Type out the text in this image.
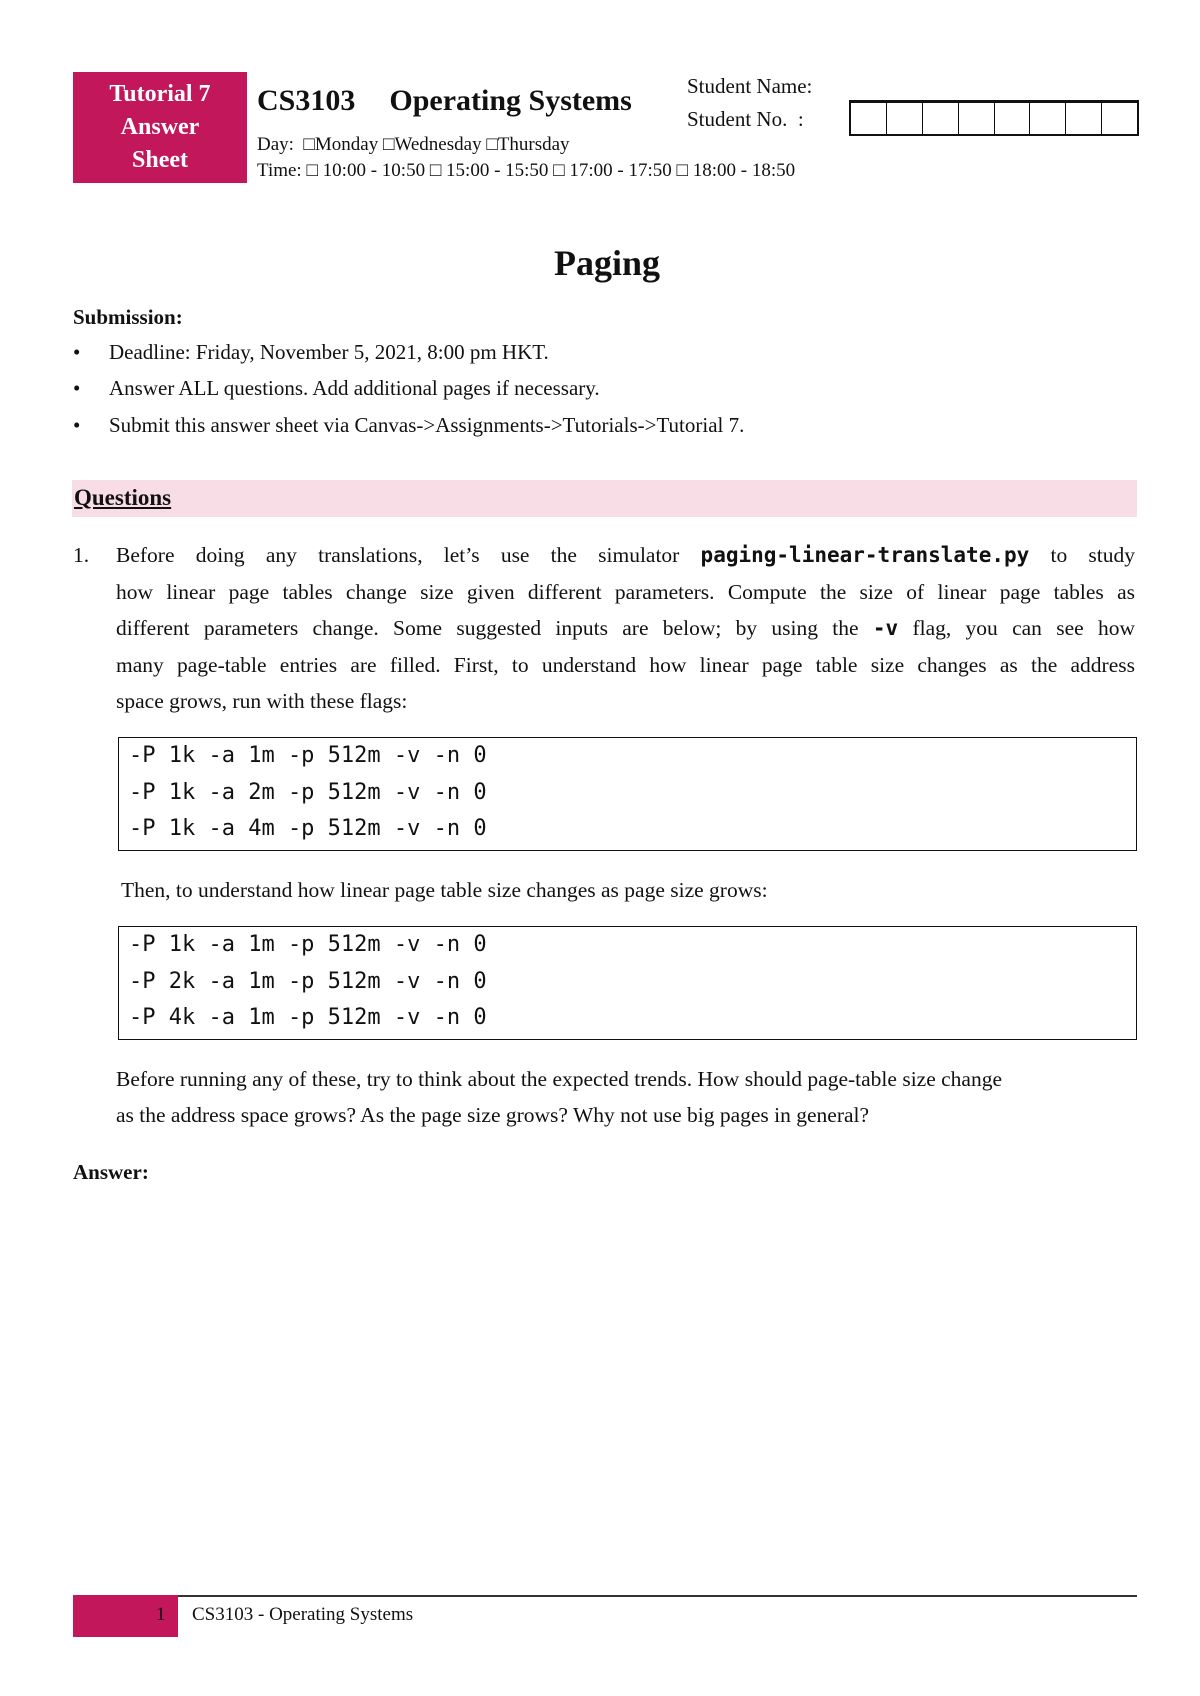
Tutorial 7
Answer
Sheet
CS3103 Operating Systems	Student Name:
Student No.  :
Day:  □Monday □Wednesday □Thursday
Time: □ 10:00 - 10:50 □ 15:00 - 15:50 □ 17:00 - 17:50 □ 18:00 - 18:50
Paging
Submission:
• Deadline: Friday, November 5, 2021, 8:00 pm HKT.
• Answer ALL questions. Add additional pages if necessary.
• Submit this answer sheet via Canvas->Assignments->Tutorials->Tutorial 7.
Questions
1. Before doing any translations, let’s use the simulator paging-linear-translate.py to study
how linear page tables change size given different parameters. Compute the size of linear page tables as
different parameters change. Some suggested inputs are below; by using the -v flag, you can see how
many page-table entries are filled. First, to understand how linear page table size changes as the address
space grows, run with these flags:
-P 1k -a 1m -p 512m -v -n 0
-P 1k -a 2m -p 512m -v -n 0
-P 1k -a 4m -p 512m -v -n 0
Then, to understand how linear page table size changes as page size grows:
-P 1k -a 1m -p 512m -v -n 0
-P 2k -a 1m -p 512m -v -n 0
-P 4k -a 1m -p 512m -v -n 0
Before running any of these, try to think about the expected trends. How should page-table size change
as the address space grows? As the page size grows? Why not use big pages in general?
Answer:
1 CS3103 - Operating Systems
